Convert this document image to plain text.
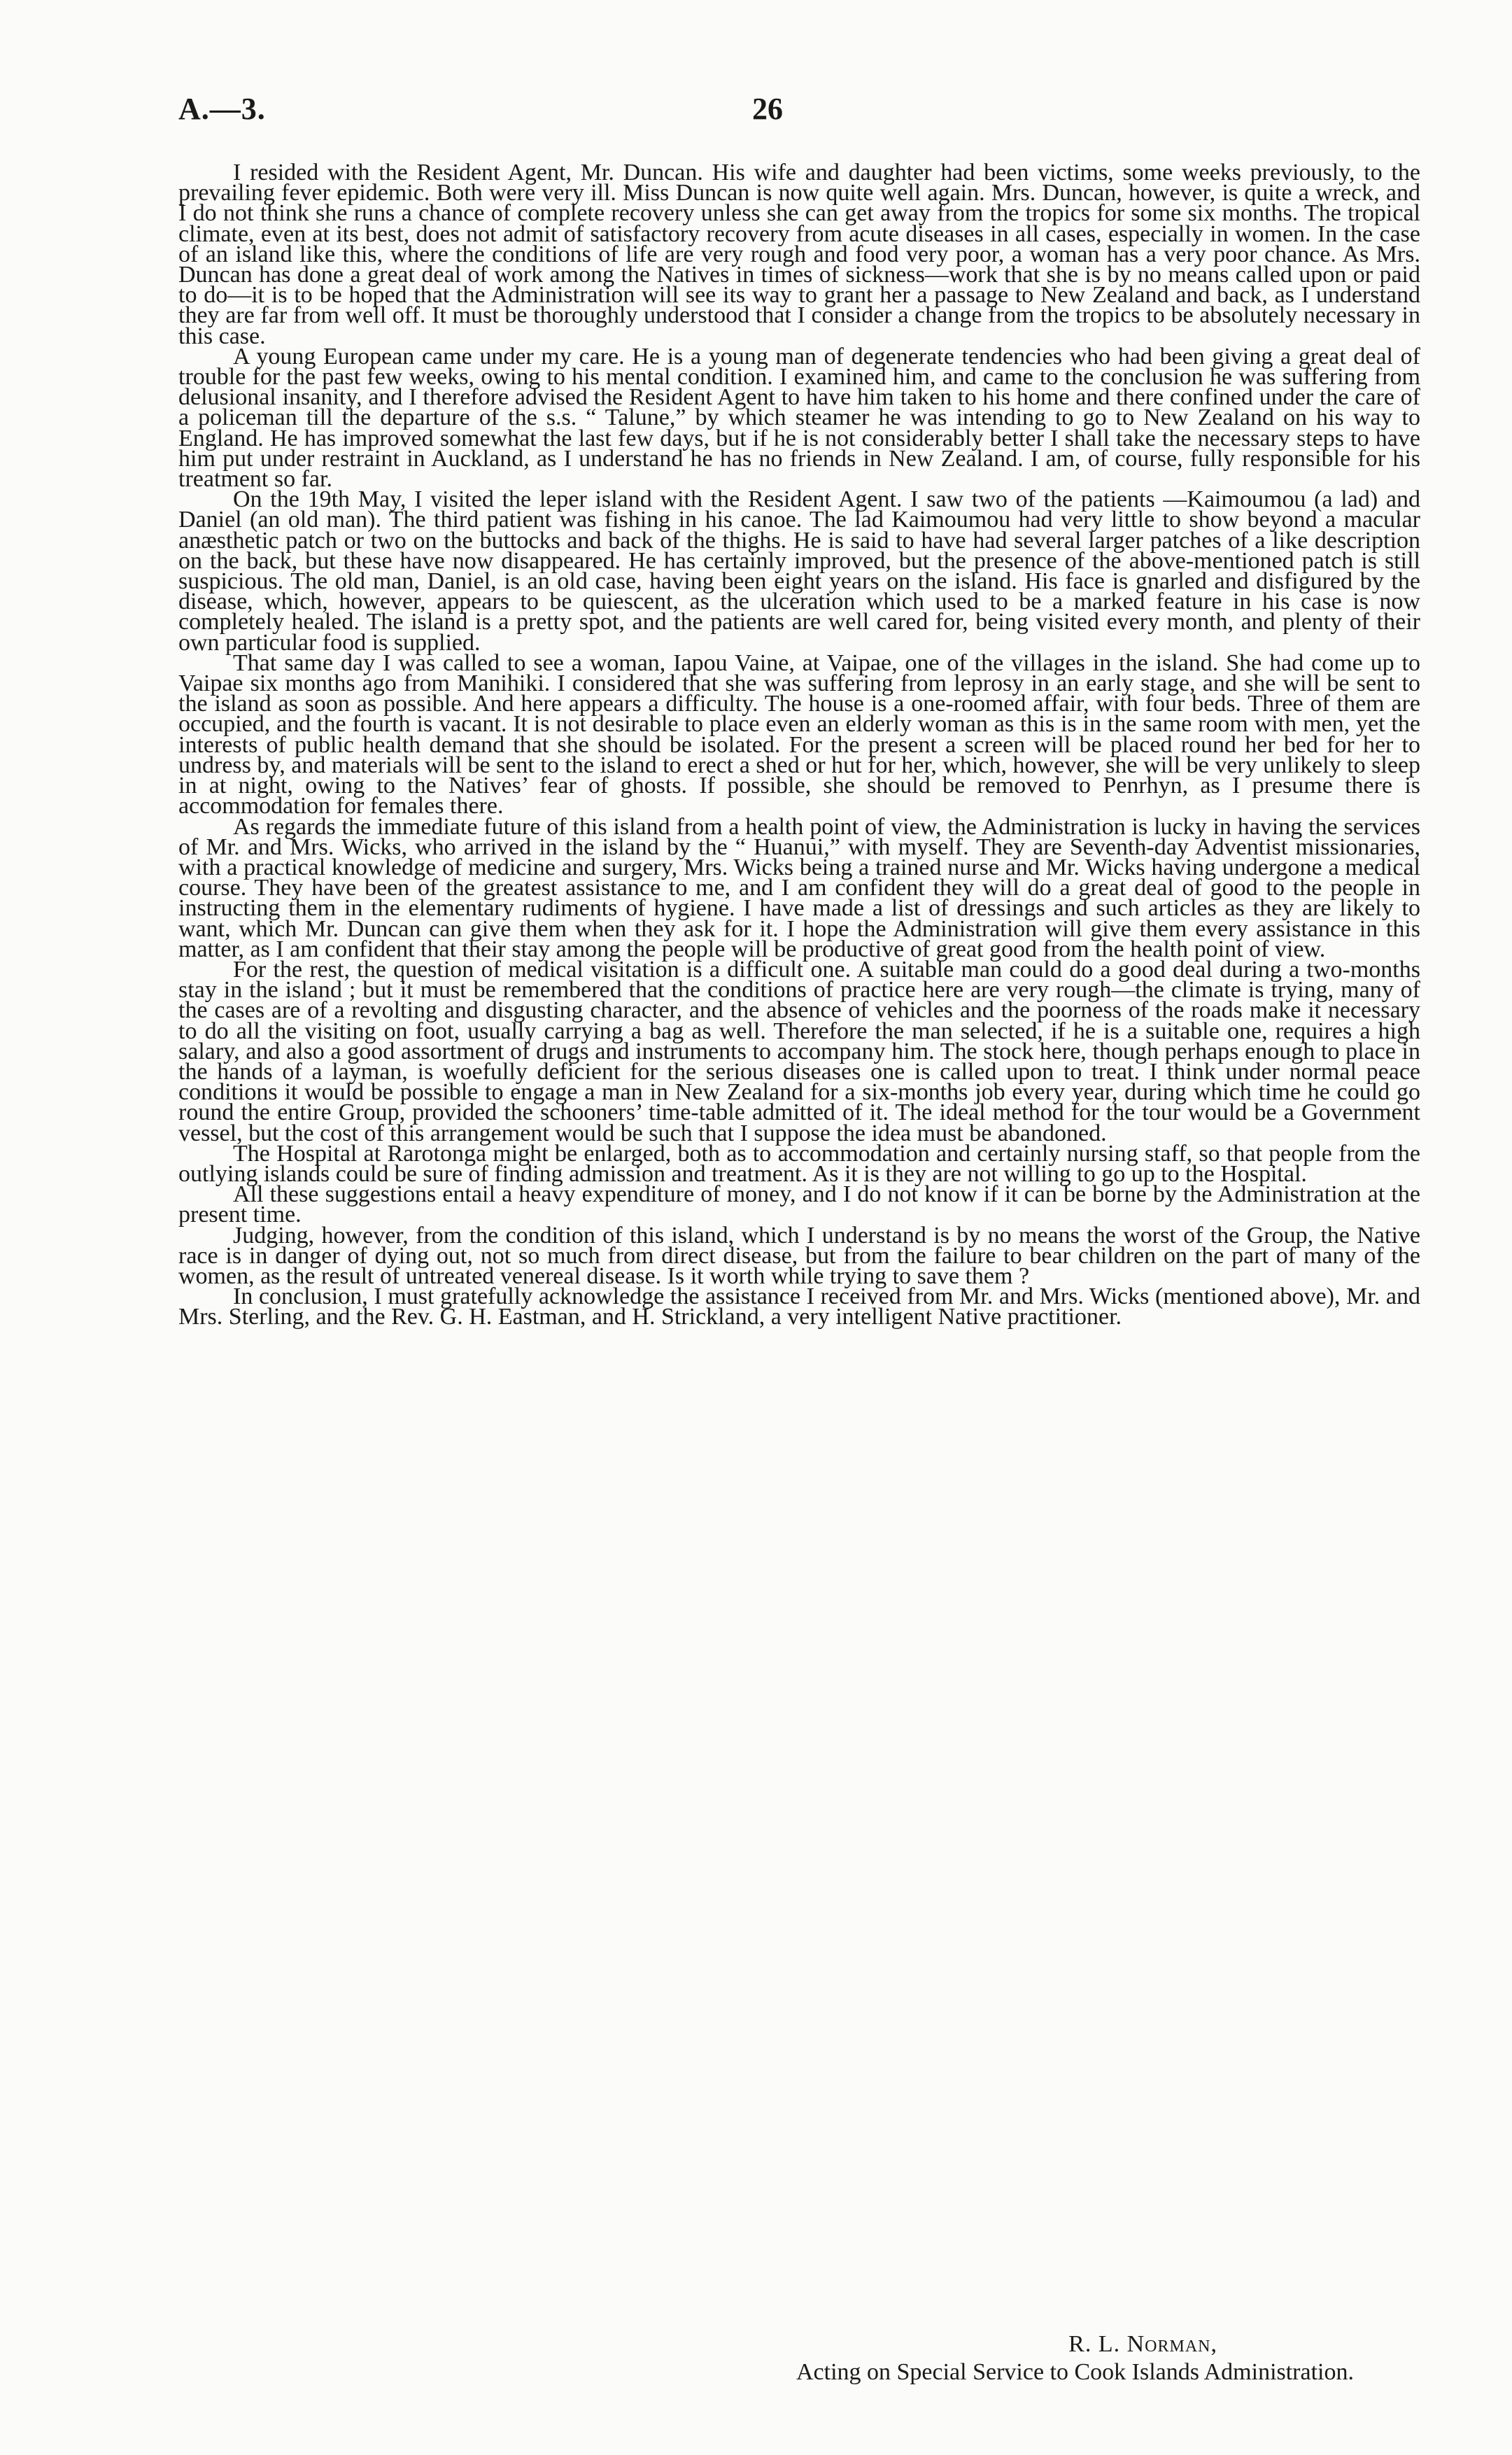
A.—3.	26

I resided with the Resident Agent, Mr. Duncan. His wife and daughter had been victims, some weeks previously, to the prevailing fever epidemic. Both were very ill. Miss Duncan is now quite well again. Mrs. Duncan, however, is quite a wreck, and I do not think she runs a chance of complete recovery unless she can get away from the tropics for some six months. The tropical climate, even at its best, does not admit of satisfactory recovery from acute diseases in all cases, especially in women. In the case of an island like this, where the conditions of life are very rough and food very poor, a woman has a very poor chance. As Mrs. Duncan has done a great deal of work among the Natives in times of sickness—work that she is by no means called upon or paid to do—it is to be hoped that the Administration will see its way to grant her a passage to New Zealand and back, as I understand they are far from well off. It must be thoroughly understood that I consider a change from the tropics to be absolutely necessary in this case.

A young European came under my care. He is a young man of degenerate tendencies who had been giving a great deal of trouble for the past few weeks, owing to his mental condition. I examined him, and came to the conclusion he was suffering from delusional insanity, and I therefore advised the Resident Agent to have him taken to his home and there confined under the care of a policeman till the departure of the s.s. “ Talune,” by which steamer he was intending to go to New Zealand on his way to England. He has improved somewhat the last few days, but if he is not considerably better I shall take the necessary steps to have him put under restraint in Auckland, as I understand he has no friends in New Zealand. I am, of course, fully responsible for his treatment so far.

On the 19th May, I visited the leper island with the Resident Agent. I saw two of the patients —Kaimoumou (a lad) and Daniel (an old man). The third patient was fishing in his canoe. The lad Kaimoumou had very little to show beyond a macular anæsthetic patch or two on the buttocks and back of the thighs. He is said to have had several larger patches of a like description on the back, but these have now disappeared. He has certainly improved, but the presence of the above-mentioned patch is still suspicious. The old man, Daniel, is an old case, having been eight years on the island. His face is gnarled and disfigured by the disease, which, however, appears to be quiescent, as the ulceration which used to be a marked feature in his case is now completely healed. The island is a pretty spot, and the patients are well cared for, being visited every month, and plenty of their own particular food is supplied.

That same day I was called to see a woman, Iapou Vaine, at Vaipae, one of the villages in the island. She had come up to Vaipae six months ago from Manihiki. I considered that she was suffering from leprosy in an early stage, and she will be sent to the island as soon as possible. And here appears a difficulty. The house is a one-roomed affair, with four beds. Three of them are occupied, and the fourth is vacant. It is not desirable to place even an elderly woman as this is in the same room with men, yet the interests of public health demand that she should be isolated. For the present a screen will be placed round her bed for her to undress by, and materials will be sent to the island to erect a shed or hut for her, which, however, she will be very unlikely to sleep in at night, owing to the Natives’ fear of ghosts. If possible, she should be removed to Penrhyn, as I presume there is accommodation for females there.

As regards the immediate future of this island from a health point of view, the Administration is lucky in having the services of Mr. and Mrs. Wicks, who arrived in the island by the “ Huanui,” with myself. They are Seventh-day Adventist missionaries, with a practical knowledge of medicine and surgery, Mrs. Wicks being a trained nurse and Mr. Wicks having undergone a medical course. They have been of the greatest assistance to me, and I am confident they will do a great deal of good to the people in instructing them in the elementary rudiments of hygiene. I have made a list of dressings and such articles as they are likely to want, which Mr. Duncan can give them when they ask for it. I hope the Administration will give them every assistance in this matter, as I am confident that their stay among the people will be productive of great good from the health point of view.

For the rest, the question of medical visitation is a difficult one. A suitable man could do a good deal during a two-months stay in the island ; but it must be remembered that the conditions of practice here are very rough—the climate is trying, many of the cases are of a revolting and disgusting character, and the absence of vehicles and the poorness of the roads make it necessary to do all the visiting on foot, usually carrying a bag as well. Therefore the man selected, if he is a suitable one, requires a high salary, and also a good assortment of drugs and instruments to accompany him. The stock here, though perhaps enough to place in the hands of a layman, is woefully deficient for the serious diseases one is called upon to treat. I think under normal peace conditions it would be possible to engage a man in New Zealand for a six-months job every year, during which time he could go round the entire Group, provided the schooners’ time-table admitted of it. The ideal method for the tour would be a Government vessel, but the cost of this arrangement would be such that I suppose the idea must be abandoned.

The Hospital at Rarotonga might be enlarged, both as to accommodation and certainly nursing staff, so that people from the outlying islands could be sure of finding admission and treatment. As it is they are not willing to go up to the Hospital.

All these suggestions entail a heavy expenditure of money, and I do not know if it can be borne by the Administration at the present time.

Judging, however, from the condition of this island, which I understand is by no means the worst of the Group, the Native race is in danger of dying out, not so much from direct disease, but from the failure to bear children on the part of many of the women, as the result of untreated venereal disease. Is it worth while trying to save them ?

In conclusion, I must gratefully acknowledge the assistance I received from Mr. and Mrs. Wicks (mentioned above), Mr. and Mrs. Sterling, and the Rev. G. H. Eastman, and H. Strickland, a very intelligent Native practitioner.

R. L. Norman,
Acting on Special Service to Cook Islands Administration.
